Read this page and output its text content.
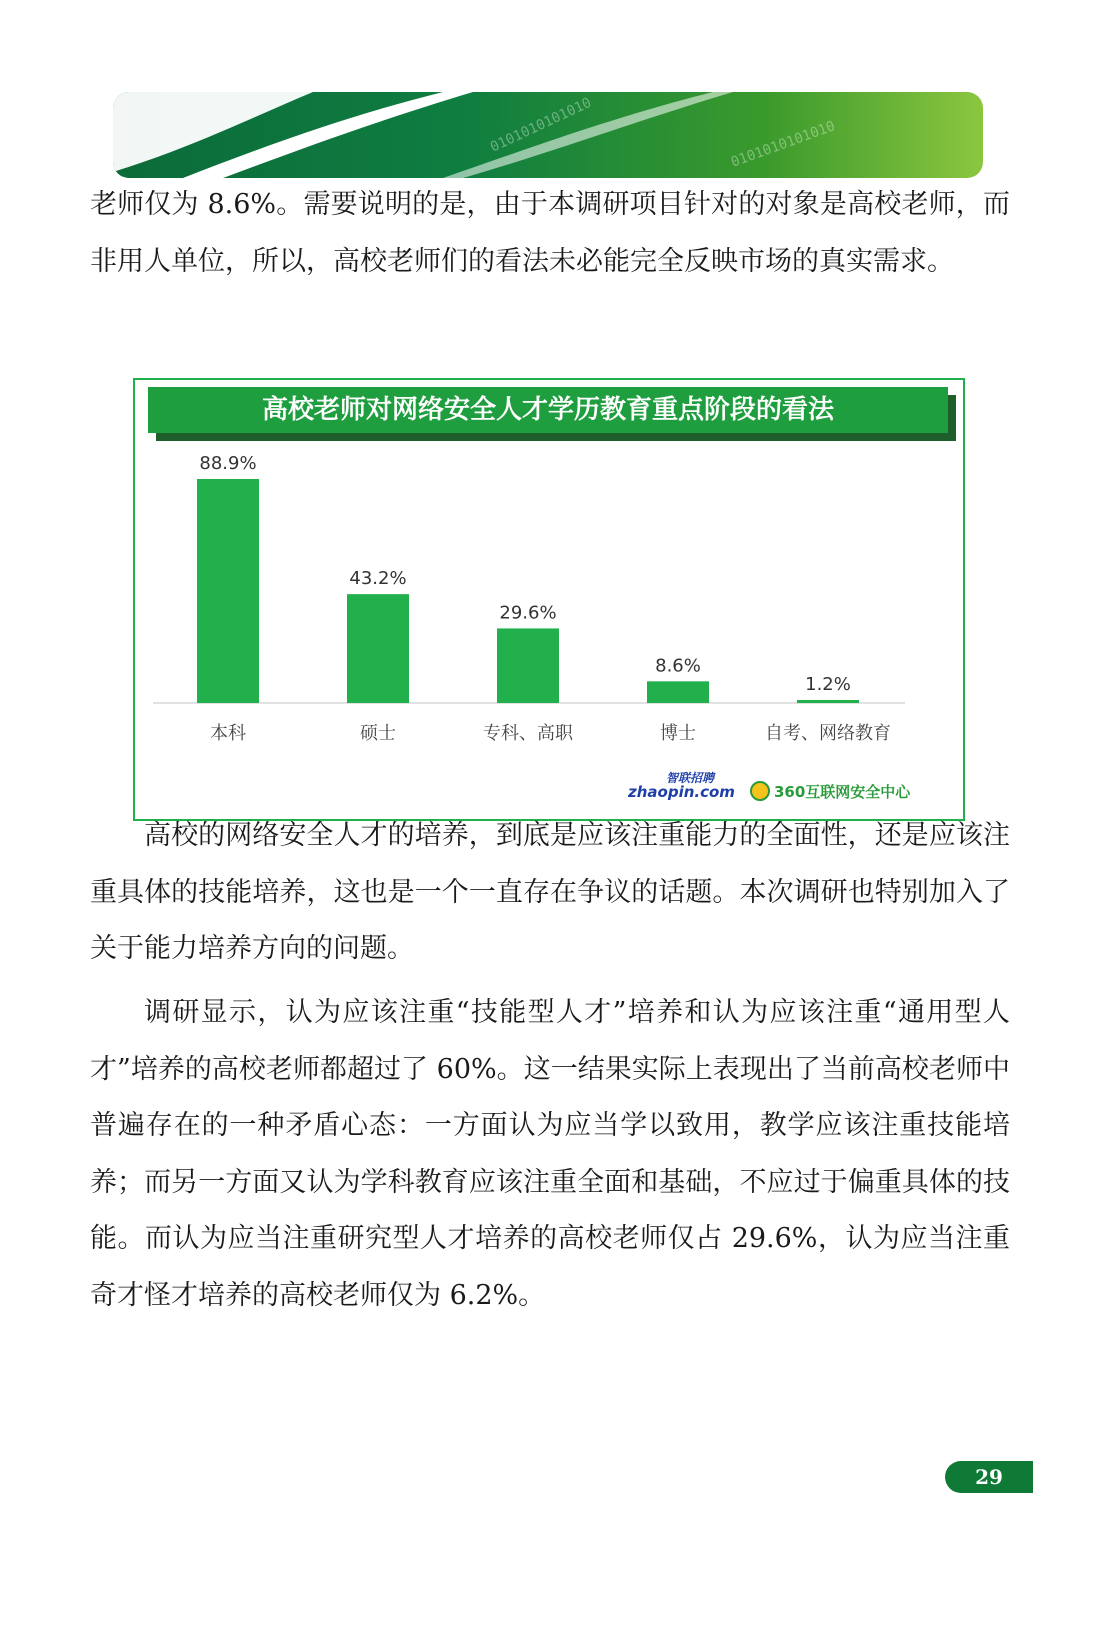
0101010101010	0101010101010

老师仅为 8.6%。需要说明的是，由于本调研项目针对的对象是高校老师，而非用人单位，所以，高校老师们的看法未必能完全反映市场的真实需求。

高校老师对网络安全人才学历教育重点阶段的看法
88.9%
本科
43.2%
硕士
29.6%
专科、高职
8.6%
博士
1.2%
自考、网络教育
zhaopin.com
智联招聘
360互联网安全中心

高校的网络安全人才的培养，到底是应该注重能力的全面性，还是应该注重具体的技能培养，这也是一个一直存在争议的话题。本次调研也特别加入了关于能力培养方向的问题。

调研显示，认为应该注重“技能型人才”培养和认为应该注重“通用型人才”培养的高校老师都超过了 60%。这一结果实际上表现出了当前高校老师中普遍存在的一种矛盾心态：一方面认为应当学以致用，教学应该注重技能培养；而另一方面又认为学科教育应该注重全面和基础，不应过于偏重具体的技能。而认为应当注重研究型人才培养的高校老师仅占 29.6%，认为应当注重奇才怪才培养的高校老师仅为 6.2%。

29
